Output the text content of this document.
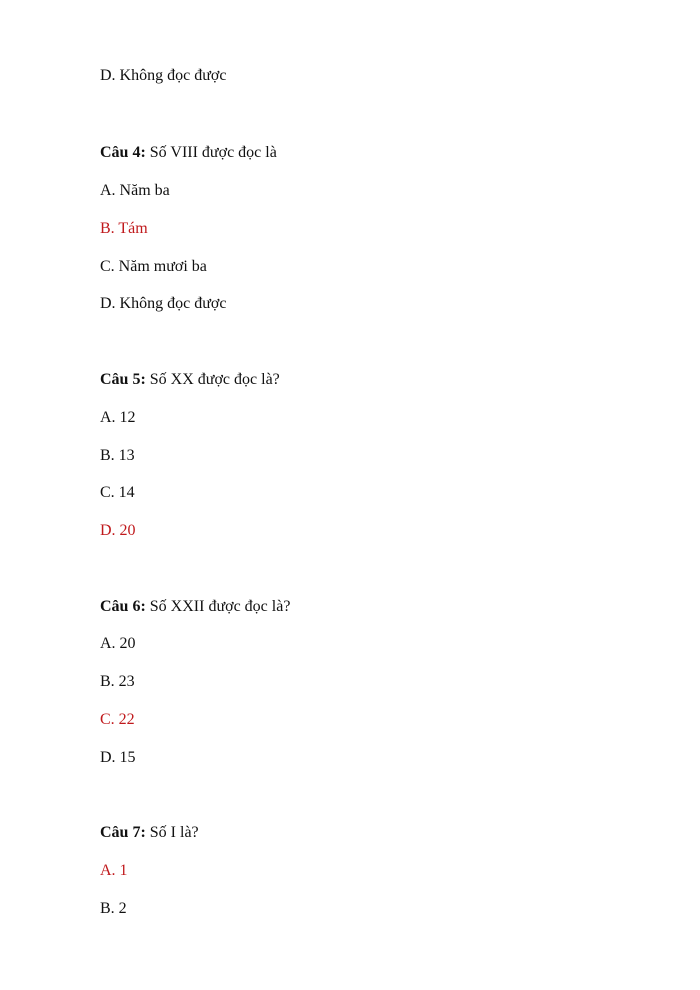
D. Không đọc được
Câu 4: Số VIII được đọc là
A. Năm ba
B. Tám
C. Năm mươi ba
D. Không đọc được
Câu 5: Số XX được đọc là?
A. 12
B. 13
C. 14
D. 20
Câu 6: Số XXII được đọc là?
A. 20
B. 23
C. 22
D. 15
Câu 7: Số I là?
A. 1
B. 2
